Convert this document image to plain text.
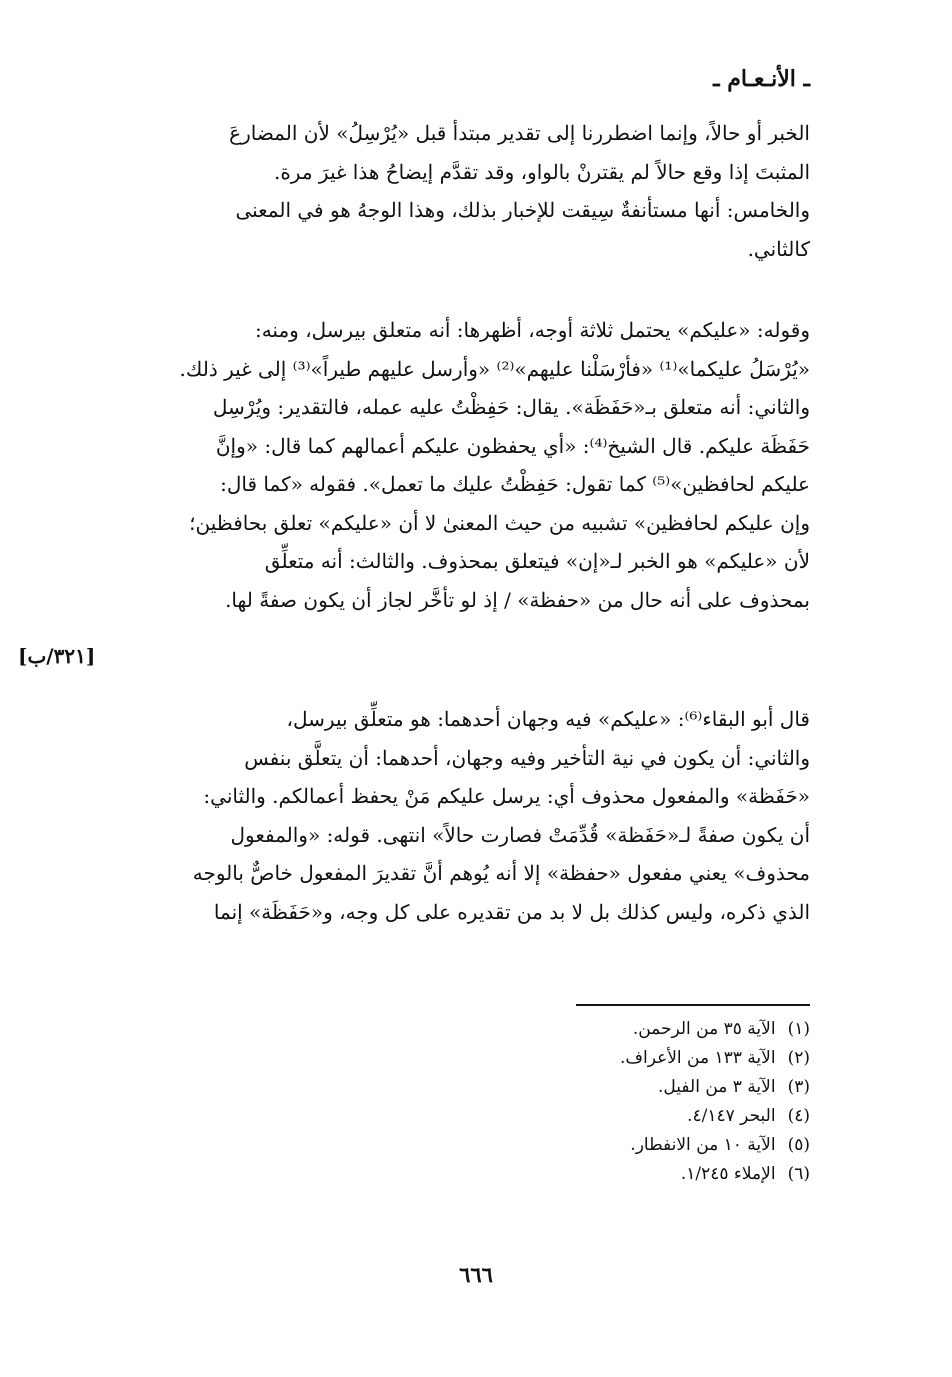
ـ الأنـعـام ـ

الخبر أو حالاً، وإنما اضطررنا إلى تقدير مبتدأ قبل «يُرْسِلُ» لأن المضارعَ
المثبتَ إذا وقع حالاً لم يقترنْ بالواو، وقد تقدَّم إيضاحُ هذا غيرَ مرة.
والخامس: أنها مستأنفةٌ سِيقت للإخبار بذلك، وهذا الوجهُ هو في المعنى
كالثاني.

وقوله: «عليكم» يحتمل ثلاثة أوجه، أظهرها: أنه متعلق بيرسل، ومنه:
«يُرْسَلُ عليكما»⁽¹⁾ «فأرْسَلْنا عليهم»⁽²⁾ «وأرسل عليهم طيراً»⁽³⁾ إلى غير ذلك.
والثاني: أنه متعلق بـ«حَفَظَة». يقال: حَفِظْتُ عليه عمله، فالتقدير: ويُرْسِل
حَفَظَة عليكم. قال الشيخ⁽⁴⁾: «أي يحفظون عليكم أعمالهم كما قال: «وإنَّ
عليكم لحافظين»⁽⁵⁾ كما تقول: حَفِظْتُ عليك ما تعمل». فقوله «كما قال:
وإن عليكم لحافظين» تشبيه من حيث المعنىٰ لا أن «عليكم» تعلق بحافظين؛
لأن «عليكم» هو الخبر لـ«إن» فيتعلق بمحذوف. والثالث: أنه متعلِّق
بمحذوف على أنه حال من «حفظة» / إذ لو تأخَّر لجاز أن يكون صفةً لها.

[٣٢١/ب]

قال أبو البقاء⁽⁶⁾: «عليكم» فيه وجهان أحدهما: هو متعلِّق بيرسل،
والثاني: أن يكون في نية التأخير وفيه وجهان، أحدهما: أن يتعلَّق بنفس
«حَفَظة» والمفعول محذوف أي: يرسل عليكم مَنْ يحفظ أعمالكم. والثاني:
أن يكون صفةً لـ«حَفَظة» قُدِّمَتْ فصارت حالاً» انتهى. قوله: «والمفعول
محذوف» يعني مفعول «حفظة» إلا أنه يُوهم أنَّ تقديرَ المفعول خاصٌّ بالوجه
الذي ذكره، وليس كذلك بل لا بد من تقديره على كل وجه، و«حَفَظَة» إنما

(١)
الآية ٣٥ من الرحمن.
(٢)
الآية ١٣٣ من الأعراف.
(٣)
الآية ٣ من الفيل.
(٤)
البحر ٤/١٤٧.
(٥)
الآية ١٠ من الانفطار.
(٦)
الإملاء ١/٢٤٥.
٦٦٦
